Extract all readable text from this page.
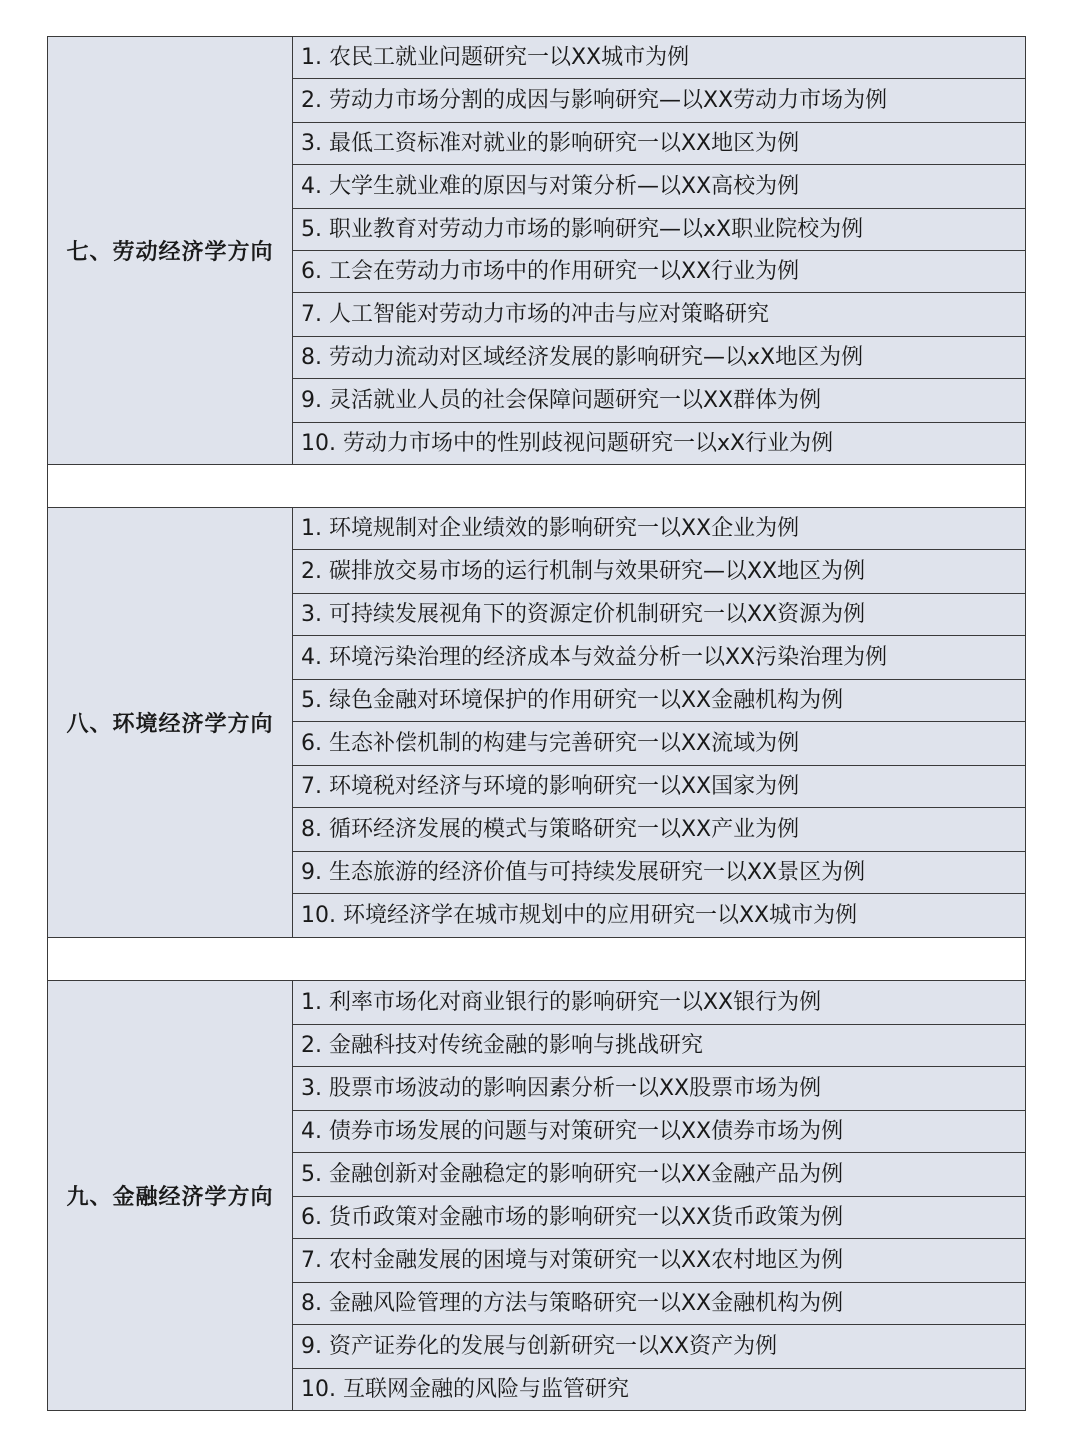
七、劳动经济学方向	1. 农民工就业问题研究一以XX城市为例
	2. 劳动力市场分割的成因与影响研究—以XX劳动力市场为例
	3. 最低工资标准对就业的影响研究一以XX地区为例
	4. 大学生就业难的原因与对策分析—以XX高校为例
	5. 职业教育对劳动力市场的影响研究—以xX职业院校为例
	6. 工会在劳动力市场中的作用研究一以XX行业为例
	7. 人工智能对劳动力市场的冲击与应对策略研究
	8. 劳动力流动对区域经济发展的影响研究—以xX地区为例
	9. 灵活就业人员的社会保障问题研究一以XX群体为例
	10. 劳动力市场中的性别歧视问题研究一以xX行业为例

八、环境经济学方向	1. 环境规制对企业绩效的影响研究一以XX企业为例
	2. 碳排放交易市场的运行机制与效果研究—以XX地区为例
	3. 可持续发展视角下的资源定价机制研究一以XX资源为例
	4. 环境污染治理的经济成本与效益分析一以XX污染治理为例
	5. 绿色金融对环境保护的作用研究一以XX金融机构为例
	6. 生态补偿机制的构建与完善研究一以XX流域为例
	7. 环境税对经济与环境的影响研究一以XX国家为例
	8. 循环经济发展的模式与策略研究一以XX产业为例
	9. 生态旅游的经济价值与可持续发展研究一以XX景区为例
	10. 环境经济学在城市规划中的应用研究一以XX城市为例

九、金融经济学方向	1. 利率市场化对商业银行的影响研究一以XX银行为例
	2. 金融科技对传统金融的影响与挑战研究
	3. 股票市场波动的影响因素分析一以XX股票市场为例
	4. 债券市场发展的问题与对策研究一以XX债券市场为例
	5. 金融创新对金融稳定的影响研究一以XX金融产品为例
	6. 货币政策对金融市场的影响研究一以XX货币政策为例
	7. 农村金融发展的困境与对策研究一以XX农村地区为例
	8. 金融风险管理的方法与策略研究一以XX金融机构为例
	9. 资产证券化的发展与创新研究一以XX资产为例
	10. 互联网金融的风险与监管研究
